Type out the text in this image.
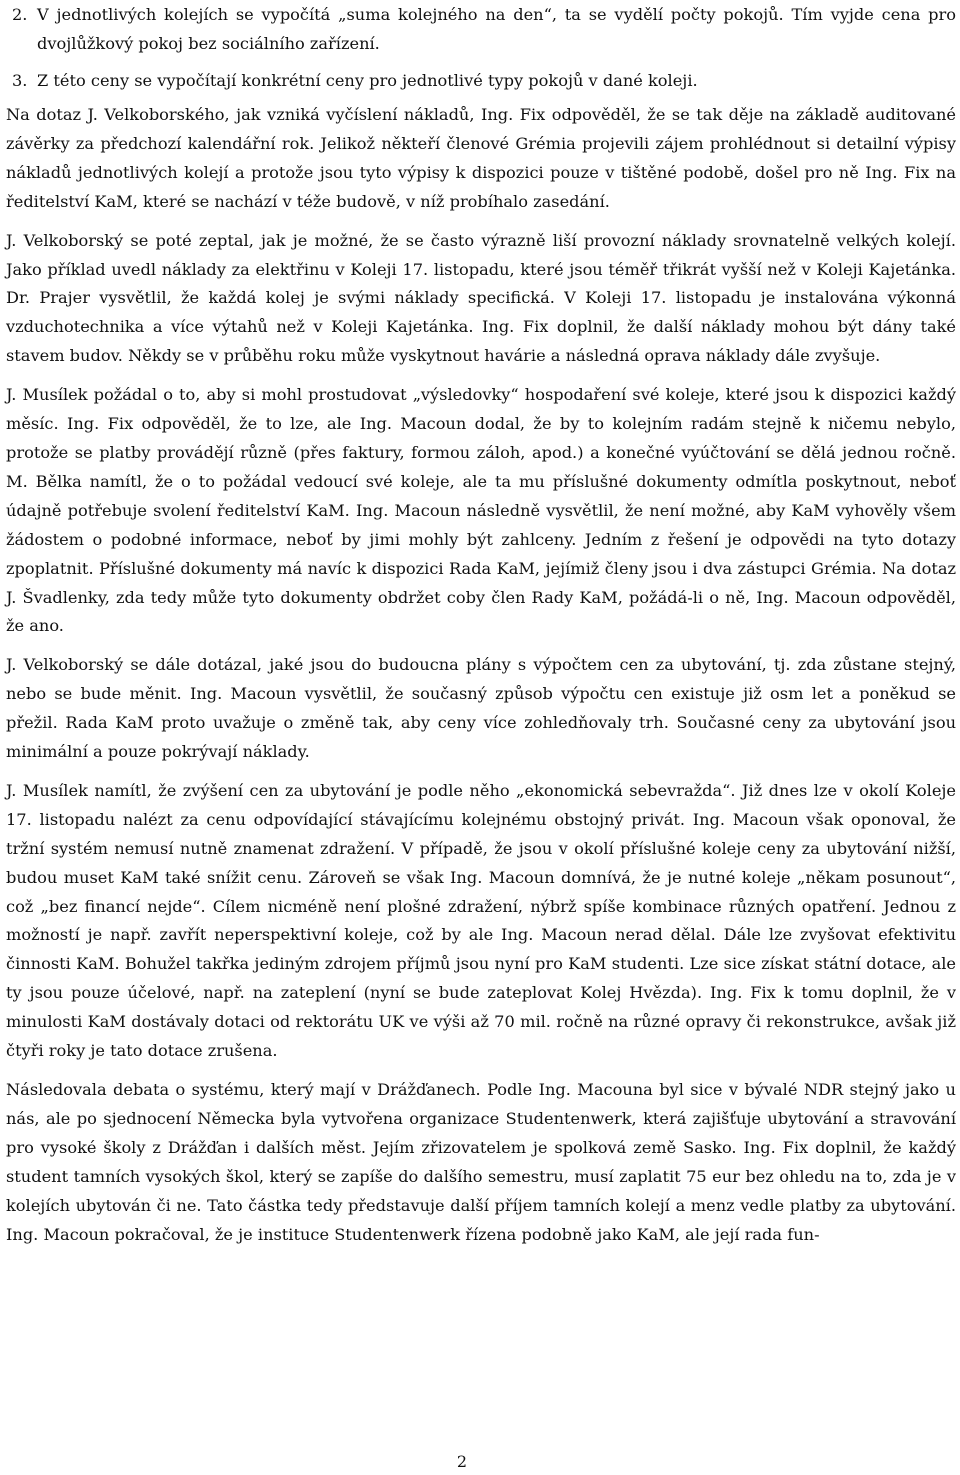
2. V jednotlivých kolejích se vypočítá „suma kolejného na den“, ta se vydělí počty pokojů. Tím vyjde cena pro dvojlůžkový pokoj bez sociálního zařízení.
3. Z této ceny se vypočítají konkrétní ceny pro jednotlivé typy pokojů v dané koleji.

Na dotaz J. Velkoborského, jak vzniká vyčíslení nákladů, Ing. Fix odpověděl, že se tak děje na základě auditované závěrky za předchozí kalendářní rok. Jelikož někteří členové Grémia projevili zájem prohlédnout si detailní výpisy nákladů jednotlivých kolejí a protože jsou tyto výpisy k dispozici pouze v tištěné podobě, došel pro ně Ing. Fix na ředitelství KaM, které se nachází v téže budově, v níž probíhalo zasedání.

J. Velkoborský se poté zeptal, jak je možné, že se často výrazně liší provozní náklady srovnatelně velkých kolejí. Jako příklad uvedl náklady za elektřinu v Koleji 17. listopadu, které jsou téměř třikrát vyšší než v Koleji Kajetánka. Dr. Prajer vysvětlil, že každá kolej je svými náklady specifická. V Koleji 17. listopadu je instalována výkonná vzduchotechnika a více výtahů než v Koleji Kajetánka. Ing. Fix doplnil, že další náklady mohou být dány také stavem budov. Někdy se v průběhu roku může vyskytnout havárie a následná oprava náklady dále zvyšuje.

J. Musílek požádal o to, aby si mohl prostudovat „výsledovky“ hospodaření své koleje, které jsou k dispozici každý měsíc. Ing. Fix odpověděl, že to lze, ale Ing. Macoun dodal, že by to kolejním radám stejně k ničemu nebylo, protože se platby provádějí různě (přes faktury, formou záloh, apod.) a konečné vyúčtování se dělá jednou ročně. M. Bělka namítl, že o to požádal vedoucí své koleje, ale ta mu příslušné dokumenty odmítla poskytnout, neboť údajně potřebuje svolení ředitelství KaM. Ing. Macoun následně vysvětlil, že není možné, aby KaM vyhověly všem žádostem o podobné informace, neboť by jimi mohly být zahlceny. Jedním z řešení je odpovědi na tyto dotazy zpoplatnit. Příslušné dokumenty má navíc k dispozici Rada KaM, jejímiž členy jsou i dva zástupci Grémia. Na dotaz J. Švadlenky, zda tedy může tyto dokumenty obdržet coby člen Rady KaM, požádá-li o ně, Ing. Macoun odpověděl, že ano.

J. Velkoborský se dále dotázal, jaké jsou do budoucna plány s výpočtem cen za ubytování, tj. zda zůstane stejný, nebo se bude měnit. Ing. Macoun vysvětlil, že současný způsob výpočtu cen existuje již osm let a poněkud se přežil. Rada KaM proto uvažuje o změně tak, aby ceny více zohledňovaly trh. Současné ceny za ubytování jsou minimální a pouze pokrývají náklady.

J. Musílek namítl, že zvýšení cen za ubytování je podle něho „ekonomická sebevražda“. Již dnes lze v okolí Koleje 17. listopadu nalézt za cenu odpovídající stávajícímu kolejnému obstojný privát. Ing. Macoun však oponoval, že tržní systém nemusí nutně znamenat zdražení. V případě, že jsou v okolí příslušné koleje ceny za ubytování nižší, budou muset KaM také snížit cenu. Zároveň se však Ing. Macoun domnívá, že je nutné koleje „někam posunout“, což „bez financí nejde“. Cílem nicméně není plošné zdražení, nýbrž spíše kombinace různých opatření. Jednou z možností je např. zavřít neperspektivní koleje, což by ale Ing. Macoun nerad dělal. Dále lze zvyšovat efektivitu činnosti KaM. Bohužel takřka jediným zdrojem příjmů jsou nyní pro KaM studenti. Lze sice získat státní dotace, ale ty jsou pouze účelové, např. na zateplení (nyní se bude zateplovat Kolej Hvězda). Ing. Fix k tomu doplnil, že v minulosti KaM dostávaly dotaci od rektorátu UK ve výši až 70 mil. ročně na různé opravy či rekonstrukce, avšak již čtyři roky je tato dotace zrušena.

Následovala debata o systému, který mají v Drážďanech. Podle Ing. Macouna byl sice v bývalé NDR stejný jako u nás, ale po sjednocení Německa byla vytvořena organizace Studentenwerk, která zajišťuje ubytování a stravování pro vysoké školy z Drážďan i dalších měst. Jejím zřizovatelem je spolková země Sasko. Ing. Fix doplnil, že každý student tamních vysokých škol, který se zapíše do dalšího semestru, musí zaplatit 75 eur bez ohledu na to, zda je v kolejích ubytován či ne. Tato částka tedy představuje další příjem tamních kolejí a menz vedle platby za ubytování. Ing. Macoun pokračoval, že je instituce Studentenwerk řízena podobně jako KaM, ale její rada fun-

2
